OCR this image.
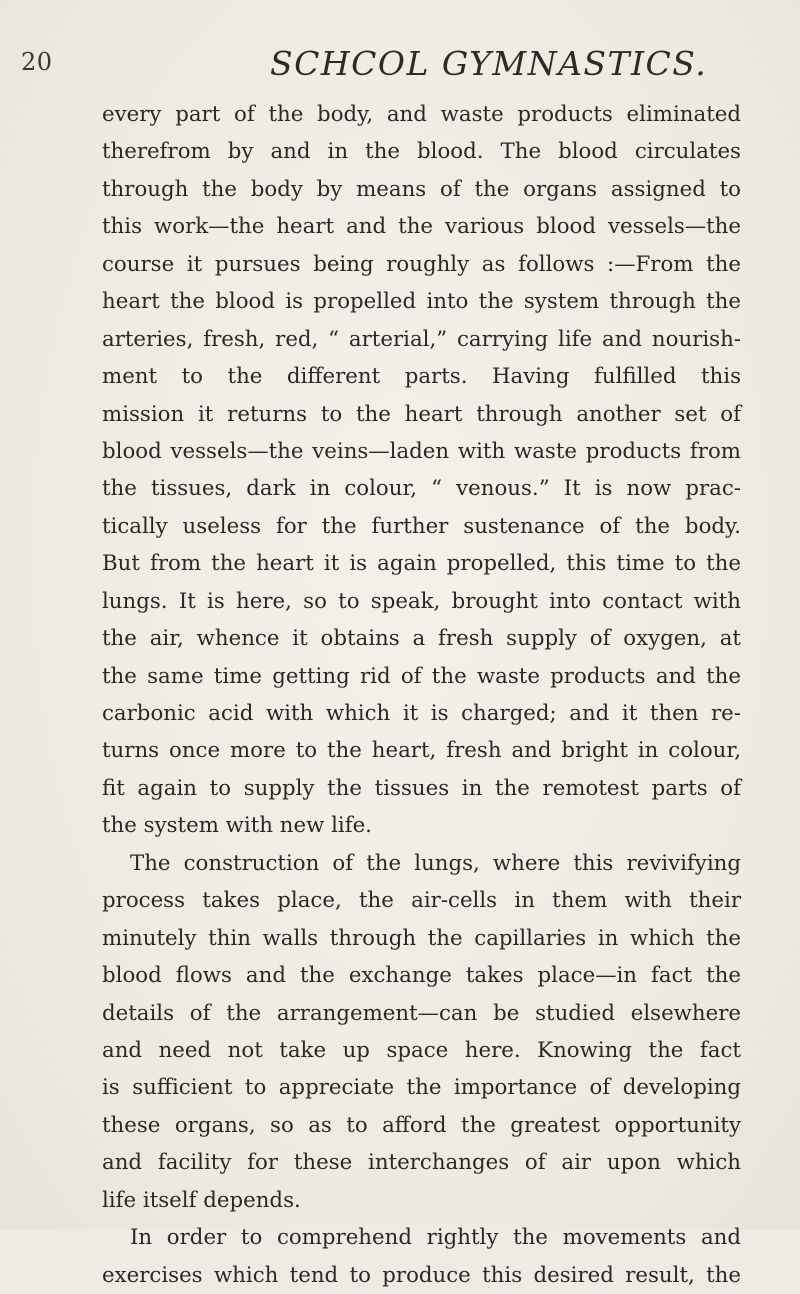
20	SCHCOL GYMNASTICS.
every part of the body, and waste products eliminated
therefrom by and in the blood. The blood circulates
through the body by means of the organs assigned to
this work—the heart and the various blood vessels—the
course it pursues being roughly as follows :—From the
heart the blood is propelled into the system through the
arteries, fresh, red, “ arterial,” carrying life and nourish-
ment to the different parts. Having fulfilled this
mission it returns to the heart through another set of
blood vessels—the veins—laden with waste products from
the tissues, dark in colour, “ venous.” It is now prac-
tically useless for the further sustenance of the body.
But from the heart it is again propelled, this time to the
lungs. It is here, so to speak, brought into contact with
the air, whence it obtains a fresh supply of oxygen, at
the same time getting rid of the waste products and the
carbonic acid with which it is charged; and it then re-
turns once more to the heart, fresh and bright in colour,
fit again to supply the tissues in the remotest parts of
the system with new life.
The construction of the lungs, where this revivifying
process takes place, the air-cells in them with their
minutely thin walls through the capillaries in which the
blood flows and the exchange takes place—in fact the
details of the arrangement—can be studied elsewhere
and need not take up space here. Knowing the fact
is sufficient to appreciate the importance of developing
these organs, so as to afford the greatest opportunity
and facility for these interchanges of air upon which
life itself depends.
In order to comprehend rightly the movements and
exercises which tend to produce this desired result, the
